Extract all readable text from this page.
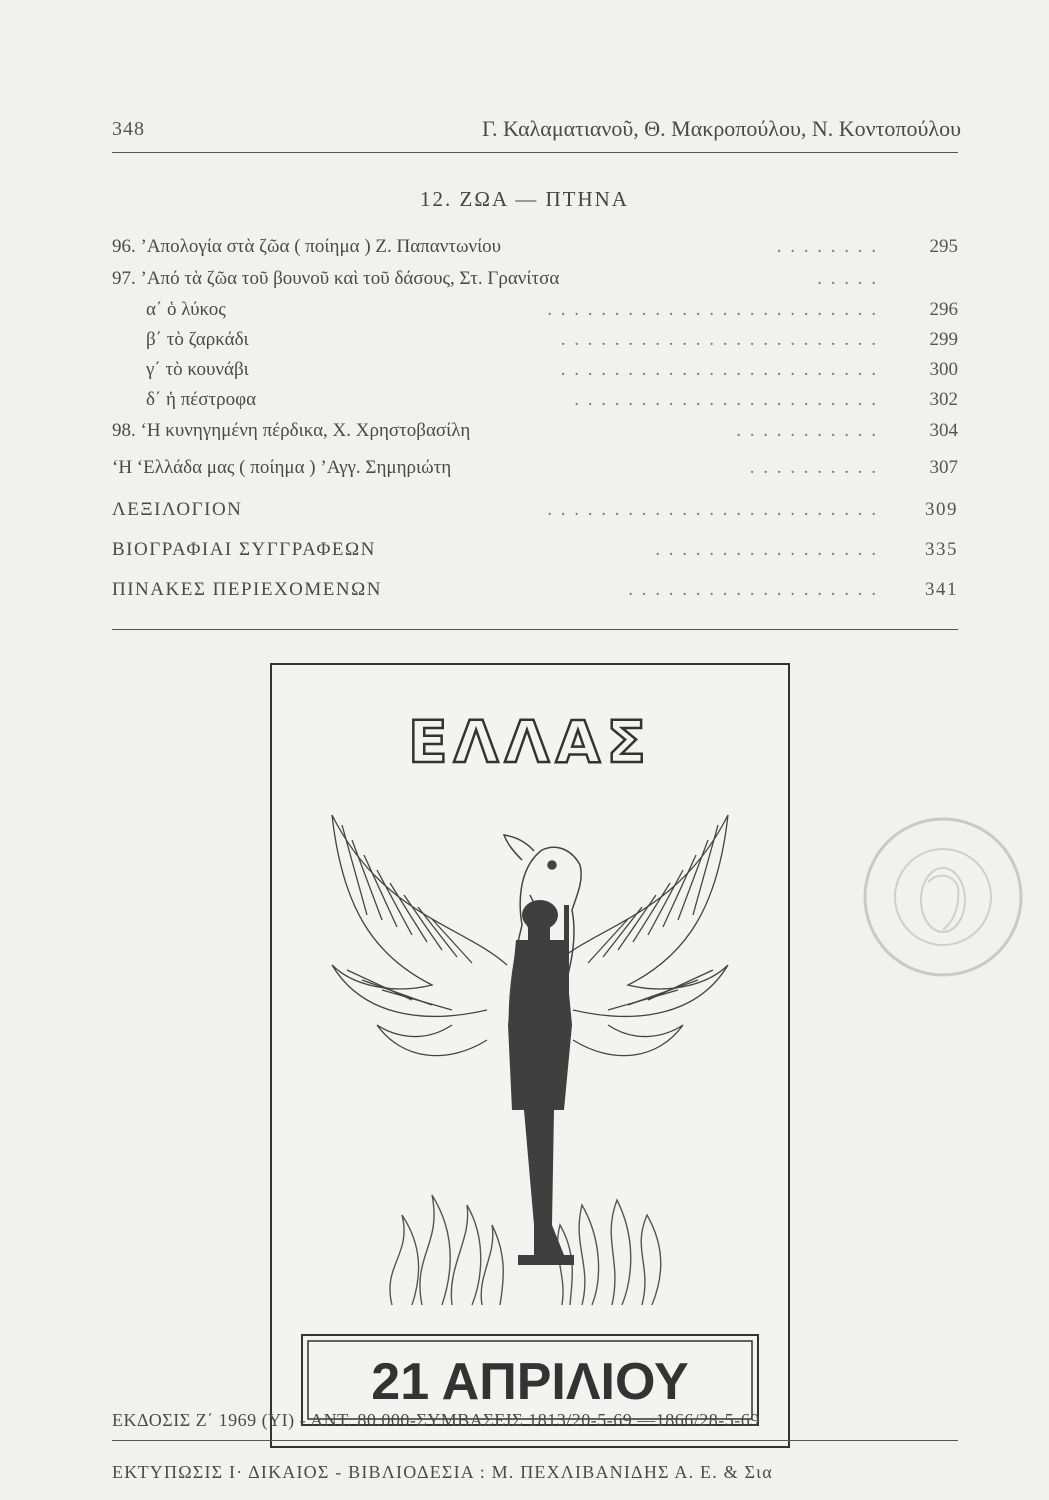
348	Γ. Καλαματιανοῦ, Θ. Μακροπούλου, Ν. Κοντοπούλου
12. ΖΩΑ — ΠΤΗΝΑ
96. ’Απολογία στὰ ζῶα ( ποίημα ) Ζ. Παπαντωνίου	. . . . . . . .	295
97. ’Από τὰ ζῶα τοῦ βουνοῦ καὶ τοῦ δάσους, Στ. Γρανίτσα	. . . . .
α΄ ὁ λύκος	. . . . . . . . . . . . . . . . . . . . . . . . .	296
β΄ τὸ ζαρκάδι	. . . . . . . . . . . . . . . . . . . . . . . .	299
γ΄ τὸ κουνάβι	. . . . . . . . . . . . . . . . . . . . . . . .	300
δ΄ ἡ πέστροφα	. . . . . . . . . . . . . . . . . . . . . . .	302
98. ‘Η κυνηγημένη πέρδικα, Χ. Χρηστοβασίλη	. . . . . . . . . . .	304
‘Η ‘Ελλάδα μας ( ποίημα ) ’Αγγ. Σημηριώτη	. . . . . . . . . .	307
ΛΕΞΙΛΟΓΙΟΝ	. . . . . . . . . . . . . . . . . . . . . . . . .	309
ΒΙΟΓΡΑΦΙΑΙ ΣΥΓΓΡΑΦΕΩΝ	. . . . . . . . . . . . . . . . .	335
ΠΙΝΑΚΕΣ ΠΕΡΙΕΧΟΜΕΝΩΝ	. . . . . . . . . . . . . . . . . . .	341
ΕΛΛΑΣ
21 ΑΠΡΙΛΙΟΥ
ΕΚΔΟΣΙΣ Ζ΄ 1969 (ΥΙ) - ΑΝΤ. 80.000-ΣΥΜΒΑΣΕΙΣ 1813/20-5-69 —1866/28-5-69
ΕΚΤΥΠΩΣΙΣ Ι· ΔΙΚΑΙΟΣ - ΒΙΒΛΙΟΔΕΣΙΑ : Μ. ΠΕΧΛΙΒΑΝΙΔΗΣ Α. Ε. & Σια
